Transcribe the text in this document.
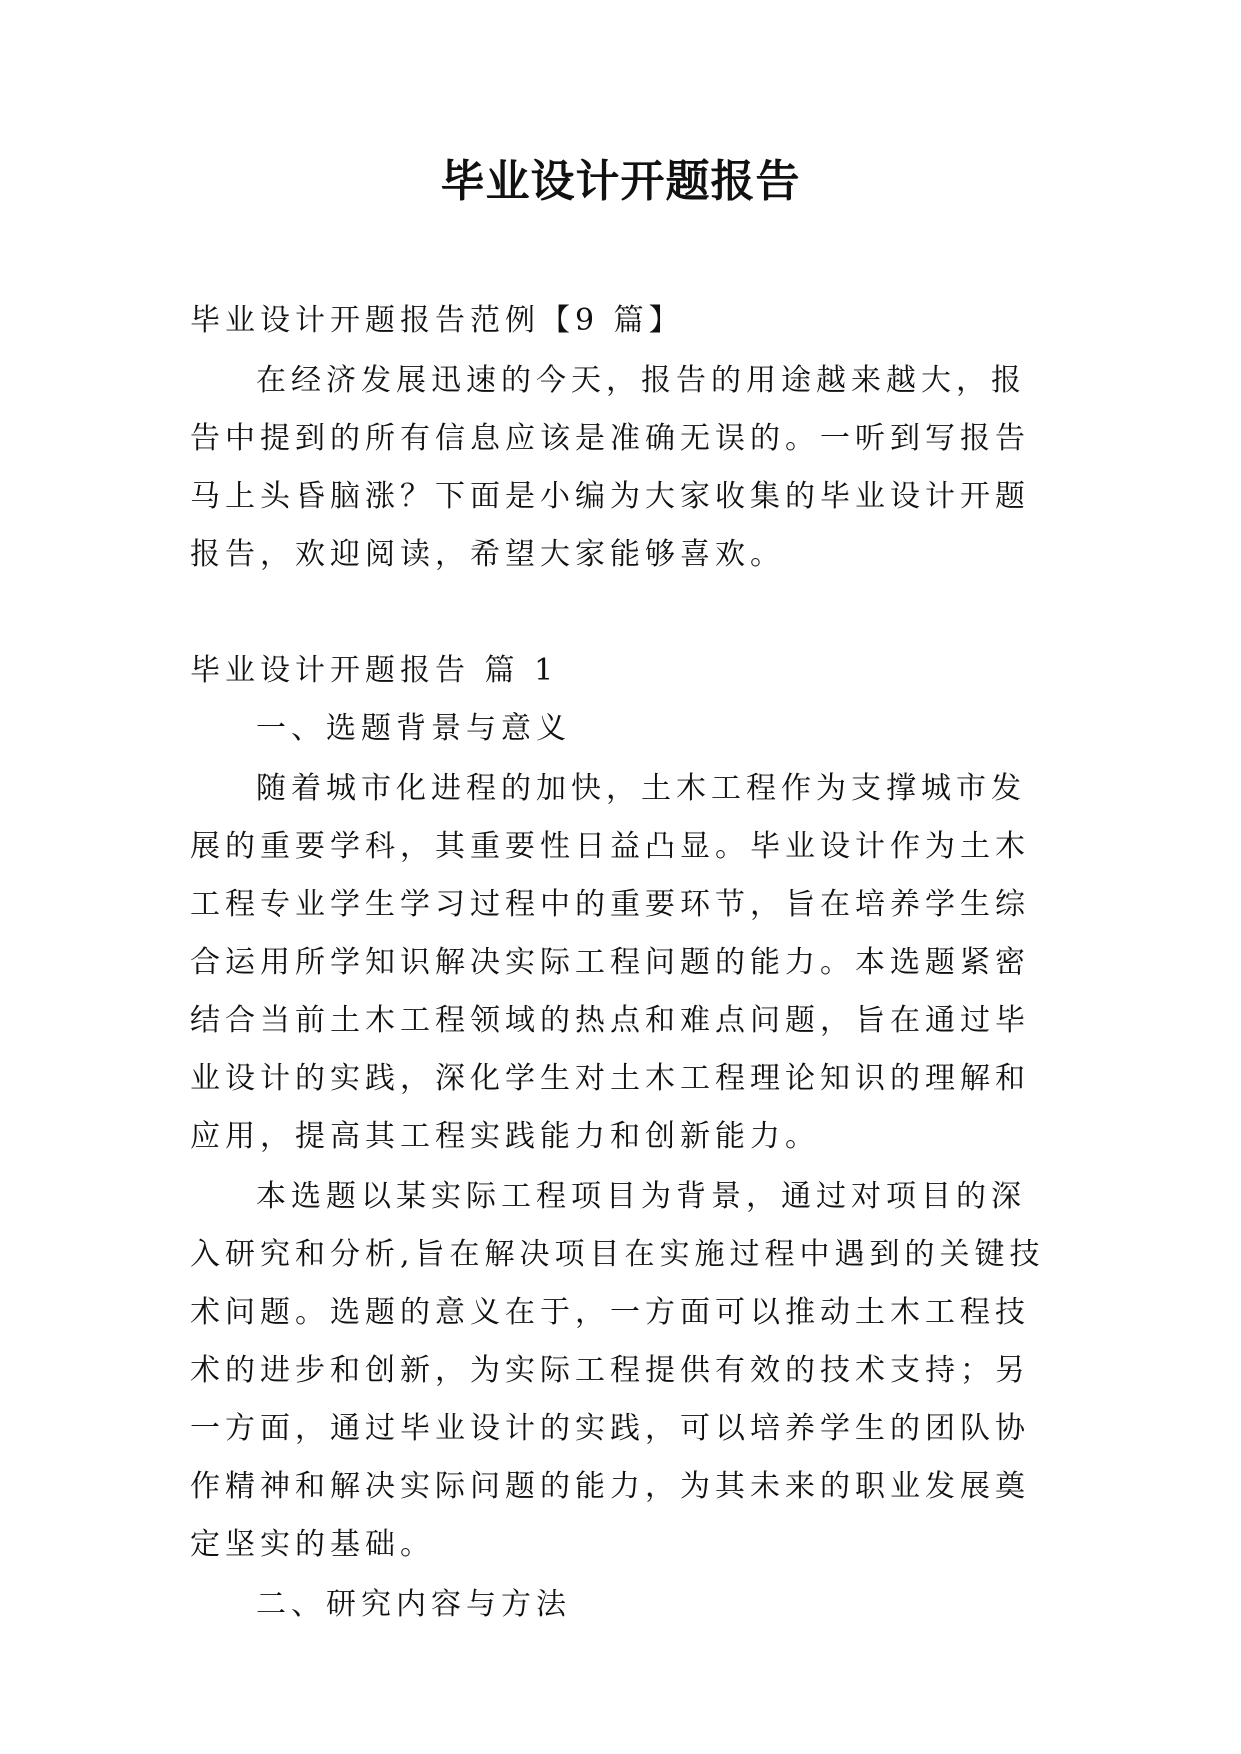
毕业设计开题报告

毕业设计开题报告范例【9 篇】

在经济发展迅速的今天，报告的用途越来越大，报告中提到的所有信息应该是准确无误的。一听到写报告马上头昏脑涨？下面是小编为大家收集的毕业设计开题报告，欢迎阅读，希望大家能够喜欢。

毕业设计开题报告 篇 1

一、选题背景与意义

随着城市化进程的加快，土木工程作为支撑城市发展的重要学科，其重要性日益凸显。毕业设计作为土木工程专业学生学习过程中的重要环节，旨在培养学生综合运用所学知识解决实际工程问题的能力。本选题紧密结合当前土木工程领域的热点和难点问题，旨在通过毕业设计的实践，深化学生对土木工程理论知识的理解和应用，提高其工程实践能力和创新能力。

本选题以某实际工程项目为背景，通过对项目的深入研究和分析,旨在解决项目在实施过程中遇到的关键技术问题。选题的意义在于，一方面可以推动土木工程技术的进步和创新，为实际工程提供有效的技术支持；另一方面，通过毕业设计的实践，可以培养学生的团队协作精神和解决实际问题的能力，为其未来的职业发展奠定坚实的基础。

二、研究内容与方法
